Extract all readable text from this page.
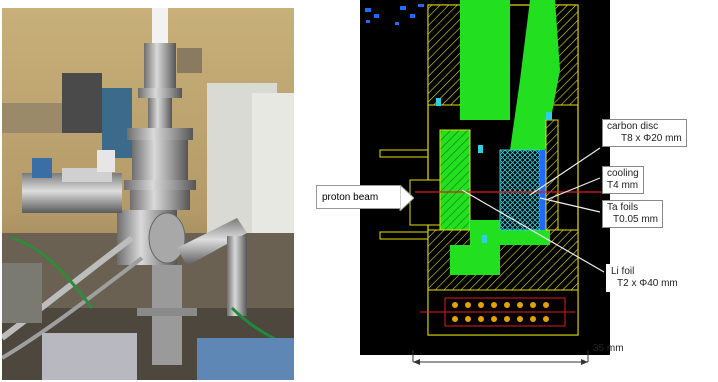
carbon disc
T8 x Φ20 mm
cooling
T4 mm
Ta foils
T0.05 mm
Li foil
T2 x Φ40 mm
proton beam
35 mm
